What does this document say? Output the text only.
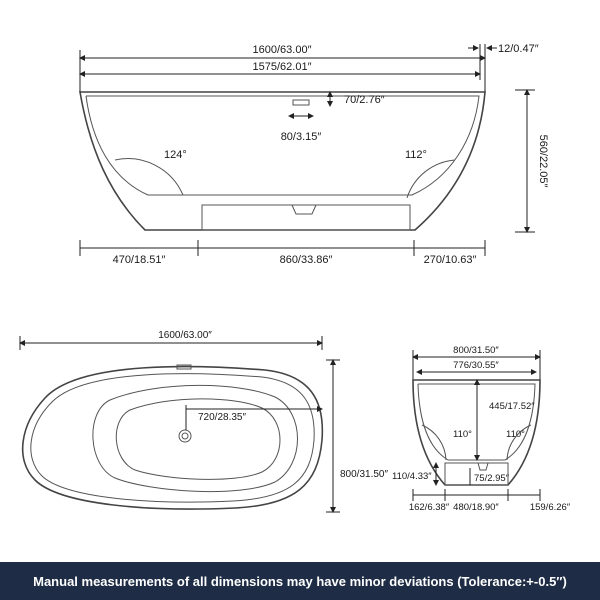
1600/63.00″	12/0.47″
1575/62.01″
70/2.76″
80/3.15″
124°	112°	560/22.05″
470/18.51″	860/33.86″	270/10.63″
1600/63.00″
720/28.35″
800/31.50″
800/31.50″
776/30.55″
445/17.52″
110°	110°
110/4.33″	75/2.95″
162/6.38″ 480/18.90″	159/6.26″
Manual measurements of all dimensions may have minor deviations (Tolerance:+-0.5″)
